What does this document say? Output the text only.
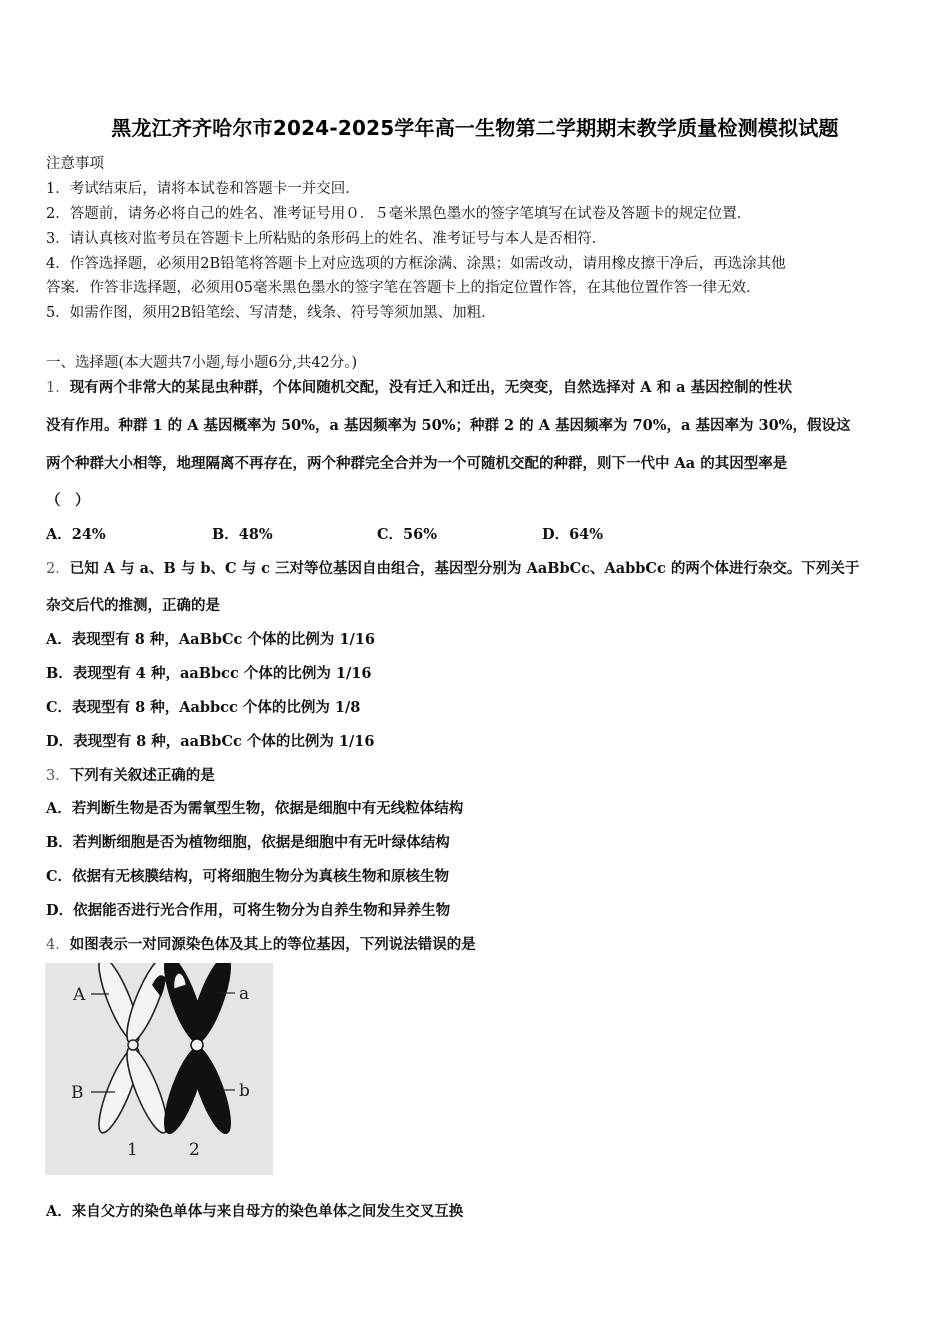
黑龙江齐齐哈尔市2024-2025学年高一生物第二学期期末教学质量检测模拟试题
注意事项
1．考试结束后，请将本试卷和答题卡一并交回．
2．答题前，请务必将自己的姓名、准考证号用０．５毫米黑色墨水的签字笔填写在试卷及答题卡的规定位置．
3．请认真核对监考员在答题卡上所粘贴的条形码上的姓名、准考证号与本人是否相符．
4．作答选择题，必须用2B铅笔将答题卡上对应选项的方框涂满、涂黑；如需改动，请用橡皮擦干净后，再选涂其他
答案．作答非选择题，必须用05毫米黑色墨水的签字笔在答题卡上的指定位置作答，在其他位置作答一律无效．
5．如需作图，须用2B铅笔绘、写清楚，线条、符号等须加黑、加粗．
一、选择题(本大题共7小题,每小题6分,共42分。)
1．现有两个非常大的某昆虫种群，个体间随机交配，没有迁入和迁出，无突变，自然选择对 A 和 a 基因控制的性状
没有作用。种群 1 的 A 基因概率为 50%，a 基因频率为 50%；种群 2 的 A 基因频率为 70%，a 基因率为 30%，假设这
两个种群大小相等，地理隔离不再存在，两个种群完全合并为一个可随机交配的种群，则下一代中 Aa 的其因型率是
（　）
A．24%	B．48%	C．56%	D．64%
2．已知 A 与 a、B 与 b、C 与 c 三对等位基因自由组合，基因型分别为 AaBbCc、AabbCc 的两个体进行杂交。下列关于
杂交后代的推测，正确的是
A．表现型有 8 种，AaBbCc 个体的比例为 1/16
B．表现型有 4 种，aaBbcc 个体的比例为 1/16
C．表现型有 8 种，Aabbcc 个体的比例为 1/8
D．表现型有 8 种，aaBbCc 个体的比例为 1/16
3．下列有关叙述正确的是
A．若判断生物是否为需氧型生物，依据是细胞中有无线粒体结构
B．若判断细胞是否为植物细胞，依据是细胞中有无叶绿体结构
C．依据有无核膜结构，可将细胞生物分为真核生物和原核生物
D．依据能否进行光合作用，可将生物分为自养生物和异养生物
4．如图表示一对同源染色体及其上的等位基因，下列说法错误的是
A
B
a
b
1	2
A．来自父方的染色单体与来自母方的染色单体之间发生交叉互换
